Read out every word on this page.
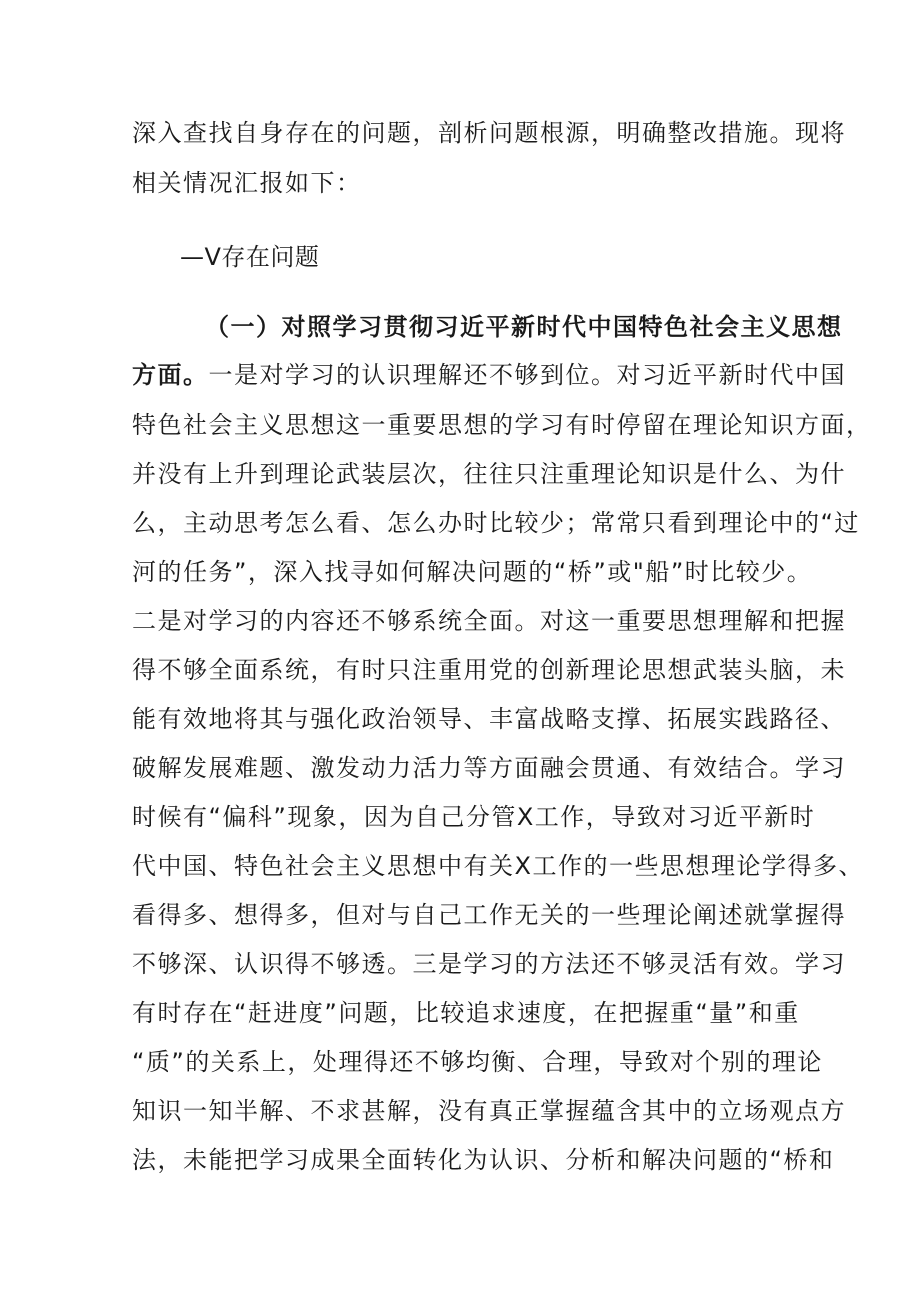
深入查找自身存在的问题，剖析问题根源，明确整改措施。现将
相关情况汇报如下：
—V存在问题
（一）对照学习贯彻习近平新时代中国特色社会主义思想
方面。一是对学习的认识理解还不够到位。对习近平新时代中国
特色社会主义思想这一重要思想的学习有时停留在理论知识方面，
并没有上升到理论武装层次，往往只注重理论知识是什么、为什
么，主动思考怎么看、怎么办时比较少；常常只看到理论中的“过
河的任务”，深入找寻如何解决问题的“桥”或"船”时比较少。
二是对学习的内容还不够系统全面。对这一重要思想理解和把握
得不够全面系统，有时只注重用党的创新理论思想武装头脑，未
能有效地将其与强化政治领导、丰富战略支撑、拓展实践路径、
破解发展难题、激发动力活力等方面融会贯通、有效结合。学习
时候有“偏科”现象，因为自己分管X工作，导致对习近平新时
代中国、特色社会主义思想中有关X工作的一些思想理论学得多、
看得多、想得多，但对与自己工作无关的一些理论阐述就掌握得
不够深、认识得不够透。三是学习的方法还不够灵活有效。学习
有时存在“赶进度”问题，比较追求速度，在把握重“量”和重
“质”的关系上，处理得还不够均衡、合理，导致对个别的理论
知识一知半解、不求甚解，没有真正掌握蕴含其中的立场观点方
法，未能把学习成果全面转化为认识、分析和解决问题的“桥和
